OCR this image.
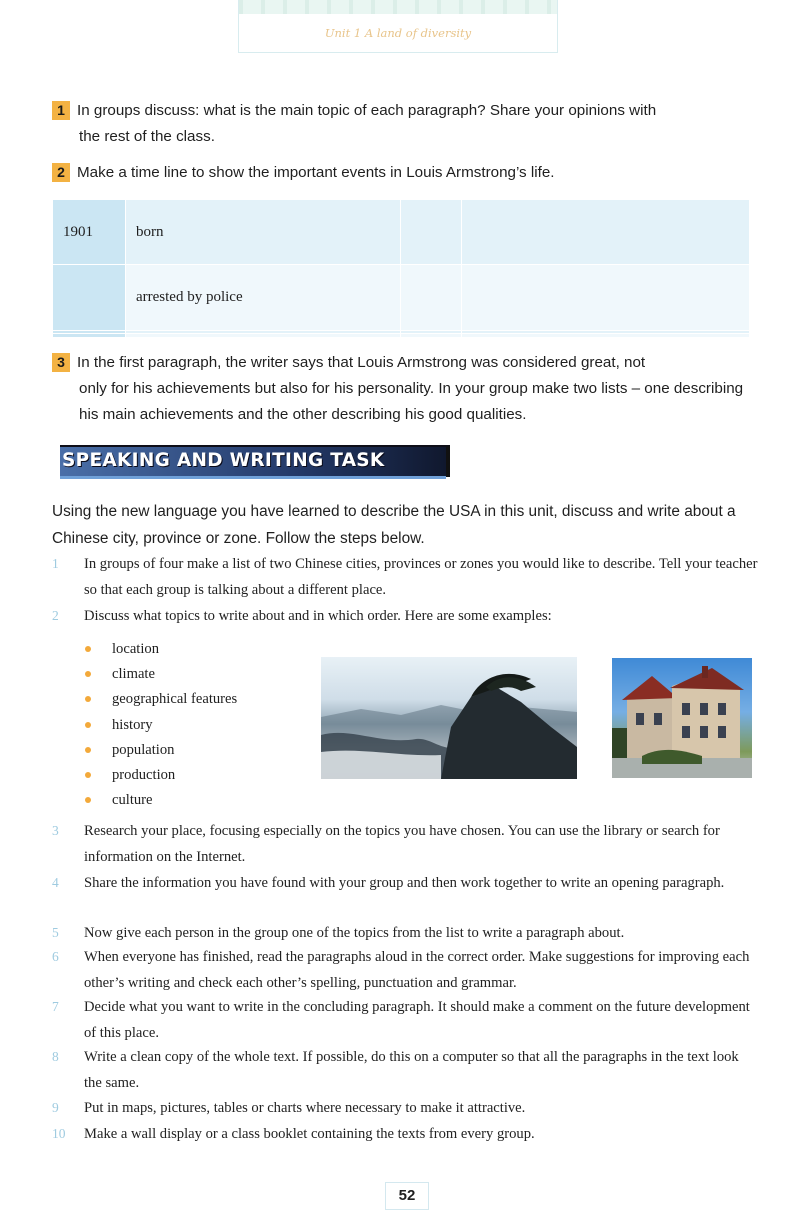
Unit 1 A land of diversity
1 In groups discuss: what is the main topic of each paragraph? Share your opinions with
the rest of the class.
2 Make a time line to show the important events in Louis Armstrong’s life.
1901	born		
	arrested by police		

3 In the first paragraph, the writer says that Louis Armstrong was considered great, not
only for his achievements but also for his personality. In your group make two lists – one describing his main achievements and the other describing his good qualities.
SPEAKING AND WRITING TASK
Using the new language you have learned to describe the USA in this unit, discuss and write about a Chinese city, province or zone. Follow the steps below.
1	In groups of four make a list of two Chinese cities, provinces or zones you would like to describe. Tell your teacher so that each group is talking about a different place.
2	Discuss what topics to write about and in which order. Here are some examples:
location
climate
geographical features
history
population
production
culture
3	Research your place, focusing especially on the topics you have chosen. You can use the library or search for information on the Internet.
4	Share the information you have found with your group and then work together to write an opening paragraph.
5	Now give each person in the group one of the topics from the list to write a paragraph about.
6	When everyone has finished, read the paragraphs aloud in the correct order. Make suggestions for improving each other’s writing and check each other’s spelling, punctuation and grammar.
7	Decide what you want to write in the concluding paragraph. It should make a comment on the future development of this place.
8	Write a clean copy of the whole text. If possible, do this on a computer so that all the paragraphs in the text look the same.
9	Put in maps, pictures, tables or charts where necessary to make it attractive.
10	Make a wall display or a class booklet containing the texts from every group.
52
